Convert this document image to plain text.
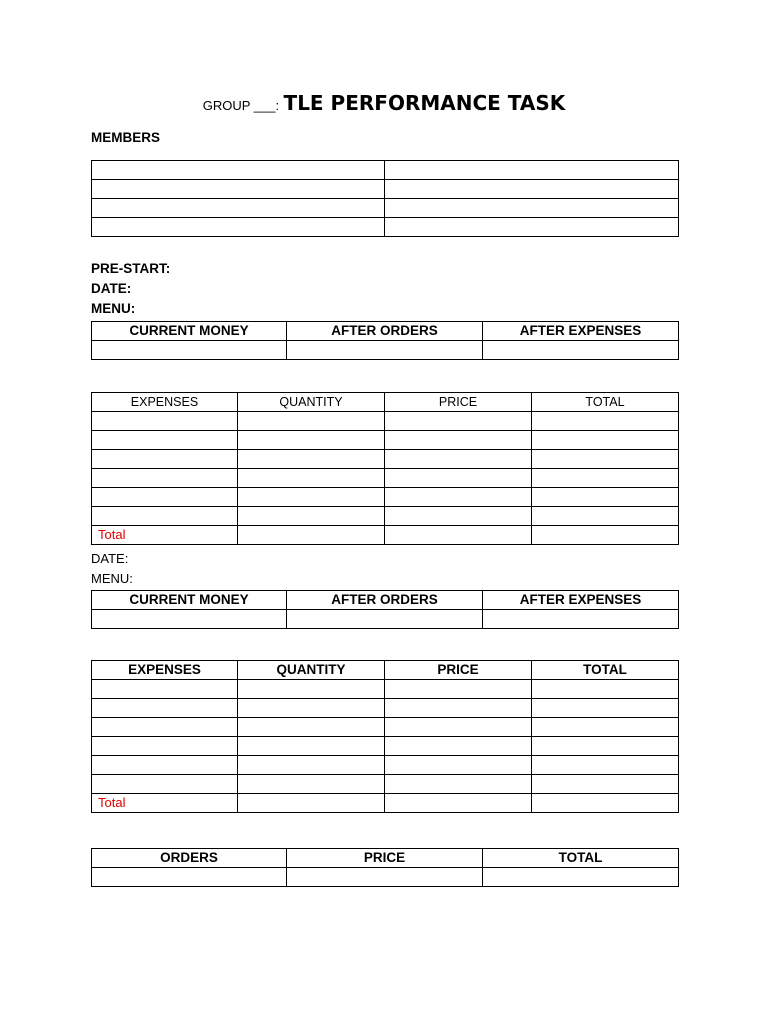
GROUP ___: TLE PERFORMANCE TASK
MEMBERS

PRE-START:
DATE:
MENU:
CURRENT MONEY	AFTER ORDERS	AFTER EXPENSES

EXPENSES	QUANTITY	PRICE	TOTAL

Total			
DATE:
MENU:
CURRENT MONEY	AFTER ORDERS	AFTER EXPENSES

EXPENSES	QUANTITY	PRICE	TOTAL

Total			
ORDERS	PRICE	TOTAL
